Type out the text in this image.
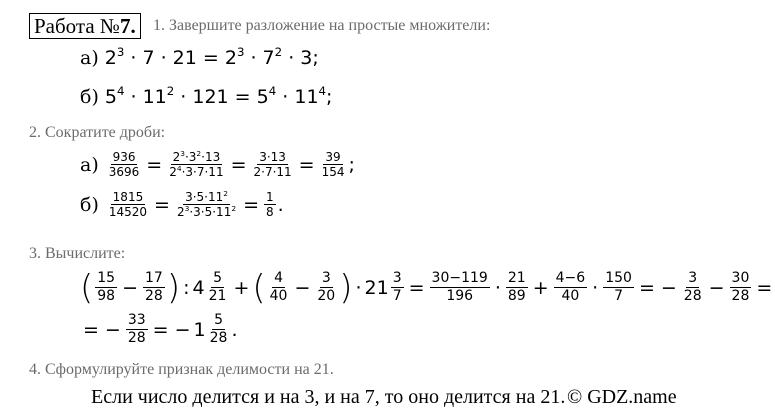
Работа №7.	1. Завершите разложение на простые множители:
а) $2^3 \cdot 7 \cdot 21 = 2^3 \cdot 7^2 \cdot 3$;
б) $5^4 \cdot 11^2 \cdot 121 = 5^4 \cdot 11^4$;
2. Сократите дроби:
$а) \frac{936}{3696} = \frac{2^3\cdot 3^2\cdot 13}{2^4\cdot 3\cdot 7\cdot 11} = \frac{3\cdot 13}{2\cdot 7\cdot 11} = \frac{39}{154}$ ;
$б) \frac{1815}{14520} = \frac{3\cdot 5\cdot 11^2}{2^3\cdot 3\cdot 5\cdot 11^2} = \frac{1}{8}$ .
3. Вычислите:
( $\frac{15}{98} - \frac{17}{28}$ ) : $4 \frac{5}{21}$ + ( $\frac{4}{40} - \frac{3}{20}$ ) · $21 \frac{3}{7} = \frac{30-119}{196} \cdot \frac{21}{89} + \frac{4-6}{40} \cdot \frac{150}{7}$ = − $\frac{3}{28} - \frac{30}{28}$ =
= − $\frac{33}{28}$ = − $1 \frac{5}{28}$ .
4. Сформулируйте признак делимости на 21.
Если число делится и на 3, и на 7, то оно делится на 21. © GDZ.name
